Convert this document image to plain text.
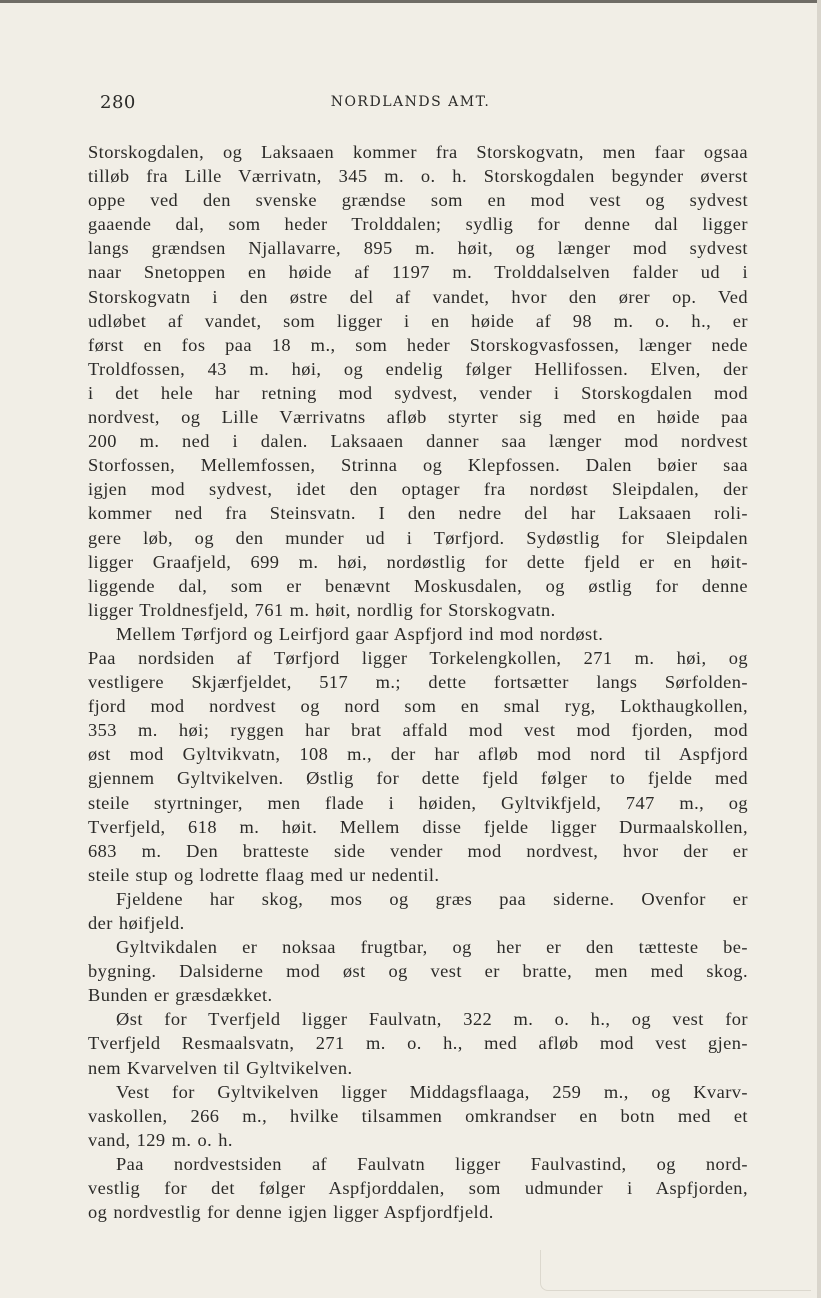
280	NORDLANDS AMT.
Storskogdalen, og Laksaaen kommer fra Storskogvatn, men faar ogsaa
tilløb fra Lille Værrivatn, 345 m. o. h. Storskogdalen begynder øverst
oppe ved den svenske grændse som en mod vest og sydvest
gaaende dal, som heder Trolddalen; sydlig for denne dal ligger
langs grændsen Njallavarre, 895 m. høit, og længer mod sydvest
naar Snetoppen en høide af 1197 m. Trolddalselven falder ud i
Storskogvatn i den østre del af vandet, hvor den ører op. Ved
udløbet af vandet, som ligger i en høide af 98 m. o. h., er
først en fos paa 18 m., som heder Storskogvasfossen, længer nede
Troldfossen, 43 m. høi, og endelig følger Hellifossen. Elven, der
i det hele har retning mod sydvest, vender i Storskogdalen mod
nordvest, og Lille Værrivatns afløb styrter sig med en høide paa
200 m. ned i dalen. Laksaaen danner saa længer mod nordvest
Storfossen, Mellemfossen, Strinna og Klepfossen. Dalen bøier saa
igjen mod sydvest, idet den optager fra nordøst Sleipdalen, der
kommer ned fra Steinsvatn. I den nedre del har Laksaaen roli-
gere løb, og den munder ud i Tørfjord. Sydøstlig for Sleipdalen
ligger Graafjeld, 699 m. høi, nordøstlig for dette fjeld er en høit-
liggende dal, som er benævnt Moskusdalen, og østlig for denne
ligger Troldnesfjeld, 761 m. høit, nordlig for Storskogvatn.
Mellem Tørfjord og Leirfjord gaar Aspfjord ind mod nordøst.
Paa nordsiden af Tørfjord ligger Torkelengkollen, 271 m. høi, og
vestligere Skjærfjeldet, 517 m.; dette fortsætter langs Sørfolden-
fjord mod nordvest og nord som en smal ryg, Lokthaugkollen,
353 m. høi; ryggen har brat affald mod vest mod fjorden, mod
øst mod Gyltvikvatn, 108 m., der har afløb mod nord til Aspfjord
gjennem Gyltvikelven. Østlig for dette fjeld følger to fjelde med
steile styrtninger, men flade i høiden, Gyltvikfjeld, 747 m., og
Tverfjeld, 618 m. høit. Mellem disse fjelde ligger Durmaalskollen,
683 m. Den bratteste side vender mod nordvest, hvor der er
steile stup og lodrette flaag med ur nedentil.
Fjeldene har skog, mos og græs paa siderne. Ovenfor er
der høifjeld.
Gyltvikdalen er noksaa frugtbar, og her er den tætteste be-
bygning. Dalsiderne mod øst og vest er bratte, men med skog.
Bunden er græsdækket.
Øst for Tverfjeld ligger Faulvatn, 322 m. o. h., og vest for
Tverfjeld Resmaalsvatn, 271 m. o. h., med afløb mod vest gjen-
nem Kvarvelven til Gyltvikelven.
Vest for Gyltvikelven ligger Middagsflaaga, 259 m., og Kvarv-
vaskollen, 266 m., hvilke tilsammen omkrandser en botn med et
vand, 129 m. o. h.
Paa nordvestsiden af Faulvatn ligger Faulvastind, og nord-
vestlig for det følger Aspfjorddalen, som udmunder i Aspfjorden,
og nordvestlig for denne igjen ligger Aspfjordfjeld.
